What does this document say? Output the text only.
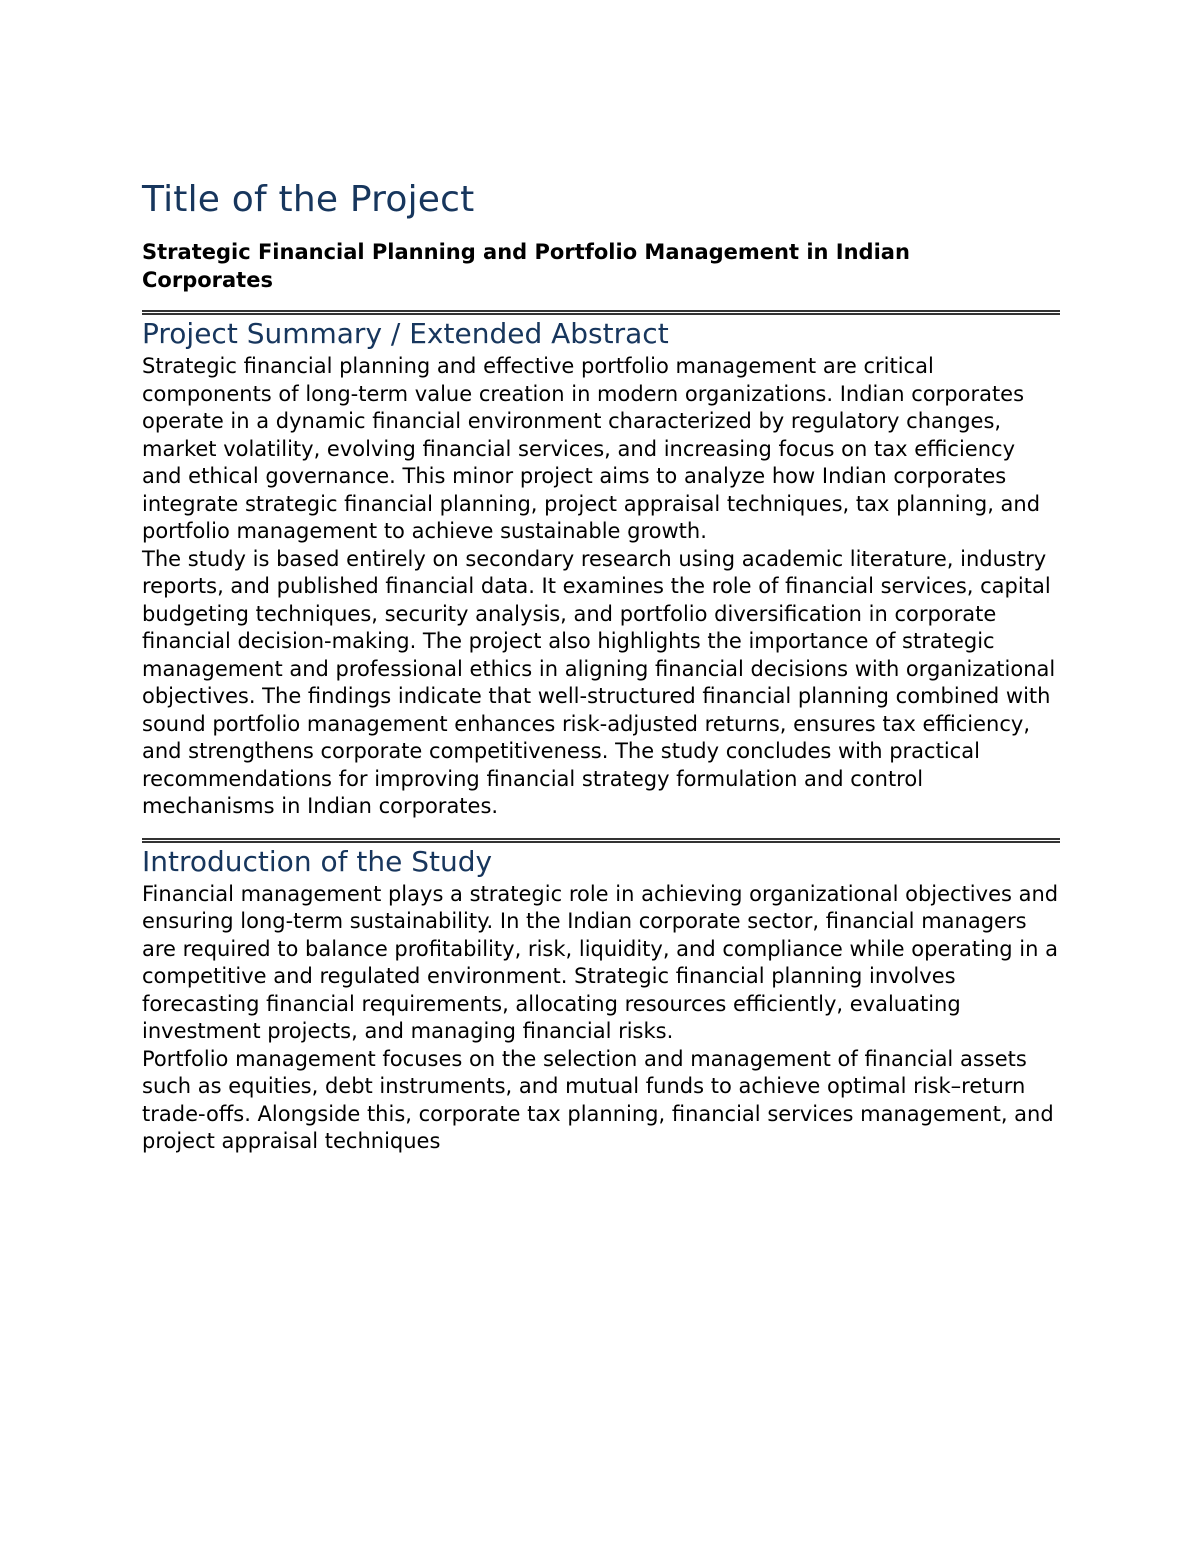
Title of the Project
Strategic Financial Planning and Portfolio Management in Indian Corporates
Project Summary / Extended Abstract

Strategic financial planning and effective portfolio management are critical components of long-term value creation in modern organizations. Indian corporates operate in a dynamic financial environment characterized by regulatory changes, market volatility, evolving financial services, and increasing focus on tax efficiency and ethical governance. This minor project aims to analyze how Indian corporates integrate strategic financial planning, project appraisal techniques, tax planning, and portfolio management to achieve sustainable growth.

The study is based entirely on secondary research using academic literature, industry reports, and published financial data. It examines the role of financial services, capital budgeting techniques, security analysis, and portfolio diversification in corporate financial decision-making. The project also highlights the importance of strategic management and professional ethics in aligning financial decisions with organizational objectives. The findings indicate that well-structured financial planning combined with sound portfolio management enhances risk-adjusted returns, ensures tax efficiency, and strengthens corporate competitiveness. The study concludes with practical recommendations for improving financial strategy formulation and control mechanisms in Indian corporates.

Introduction of the Study

Financial management plays a strategic role in achieving organizational objectives and ensuring long-term sustainability. In the Indian corporate sector, financial managers are required to balance profitability, risk, liquidity, and compliance while operating in a competitive and regulated environment. Strategic financial planning involves forecasting financial requirements, allocating resources efficiently, evaluating investment projects, and managing financial risks.

Portfolio management focuses on the selection and management of financial assets such as equities, debt instruments, and mutual funds to achieve optimal risk–return trade-offs. Alongside this, corporate tax planning, financial services management, and project appraisal techniques
